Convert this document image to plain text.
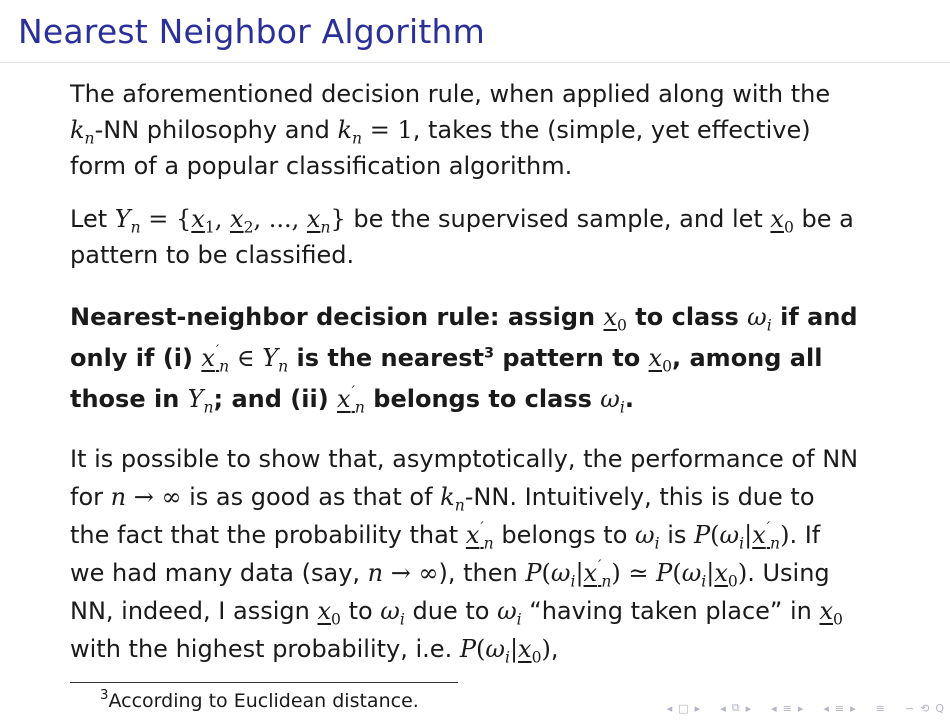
Nearest Neighbor Algorithm
The aforementioned decision rule, when applied along with the
$k_n-NN$ philosophy and $k_n = 1$, takes the (simple, yet effective)
form of a popular classification algorithm.
Let $Y_n = \{x_1$, $x_2$, ..., $x_n$} be the supervised sample, and let $x_0$ be a
pattern to be classified.
Nearest-neighbor decision rule: assign $x_0$ to class $\omega_i$ if and
only if (i) $x'_n$ ∈ $Y_n$ is the nearest$^3$ pattern to $x_0$, among all
those in $Y_n$; and (ii) $x'_n$ belongs to class $\omega_i$.
It is possible to show that, asymptotically, the performance of NN
for n → ∞ is as good as that of $k_n-NN$. Intuitively, this is due to
the fact that the probability that $x'_n$ belongs to $\omega_i$ is $P(\omega_i|x'_n)$. If
we had many data (say, n → ∞), then $P(\omega_i|x'_n)$ ≃ $P(\omega_i|x_0)$. Using
NN, indeed, I assign $x_0$ to $\omega_i$ due to $\omega_i$ “having taken place” in $x_0$
with the highest probability, i.e. $P(\omega_i|x_0)$,
$^3$According to Euclidean distance.	◂ □ ▸ ◂ ⧉ ▸ ◂ ≡ ▸ ◂ ≡ ▸ ≡ ∽ ⟲ Q
